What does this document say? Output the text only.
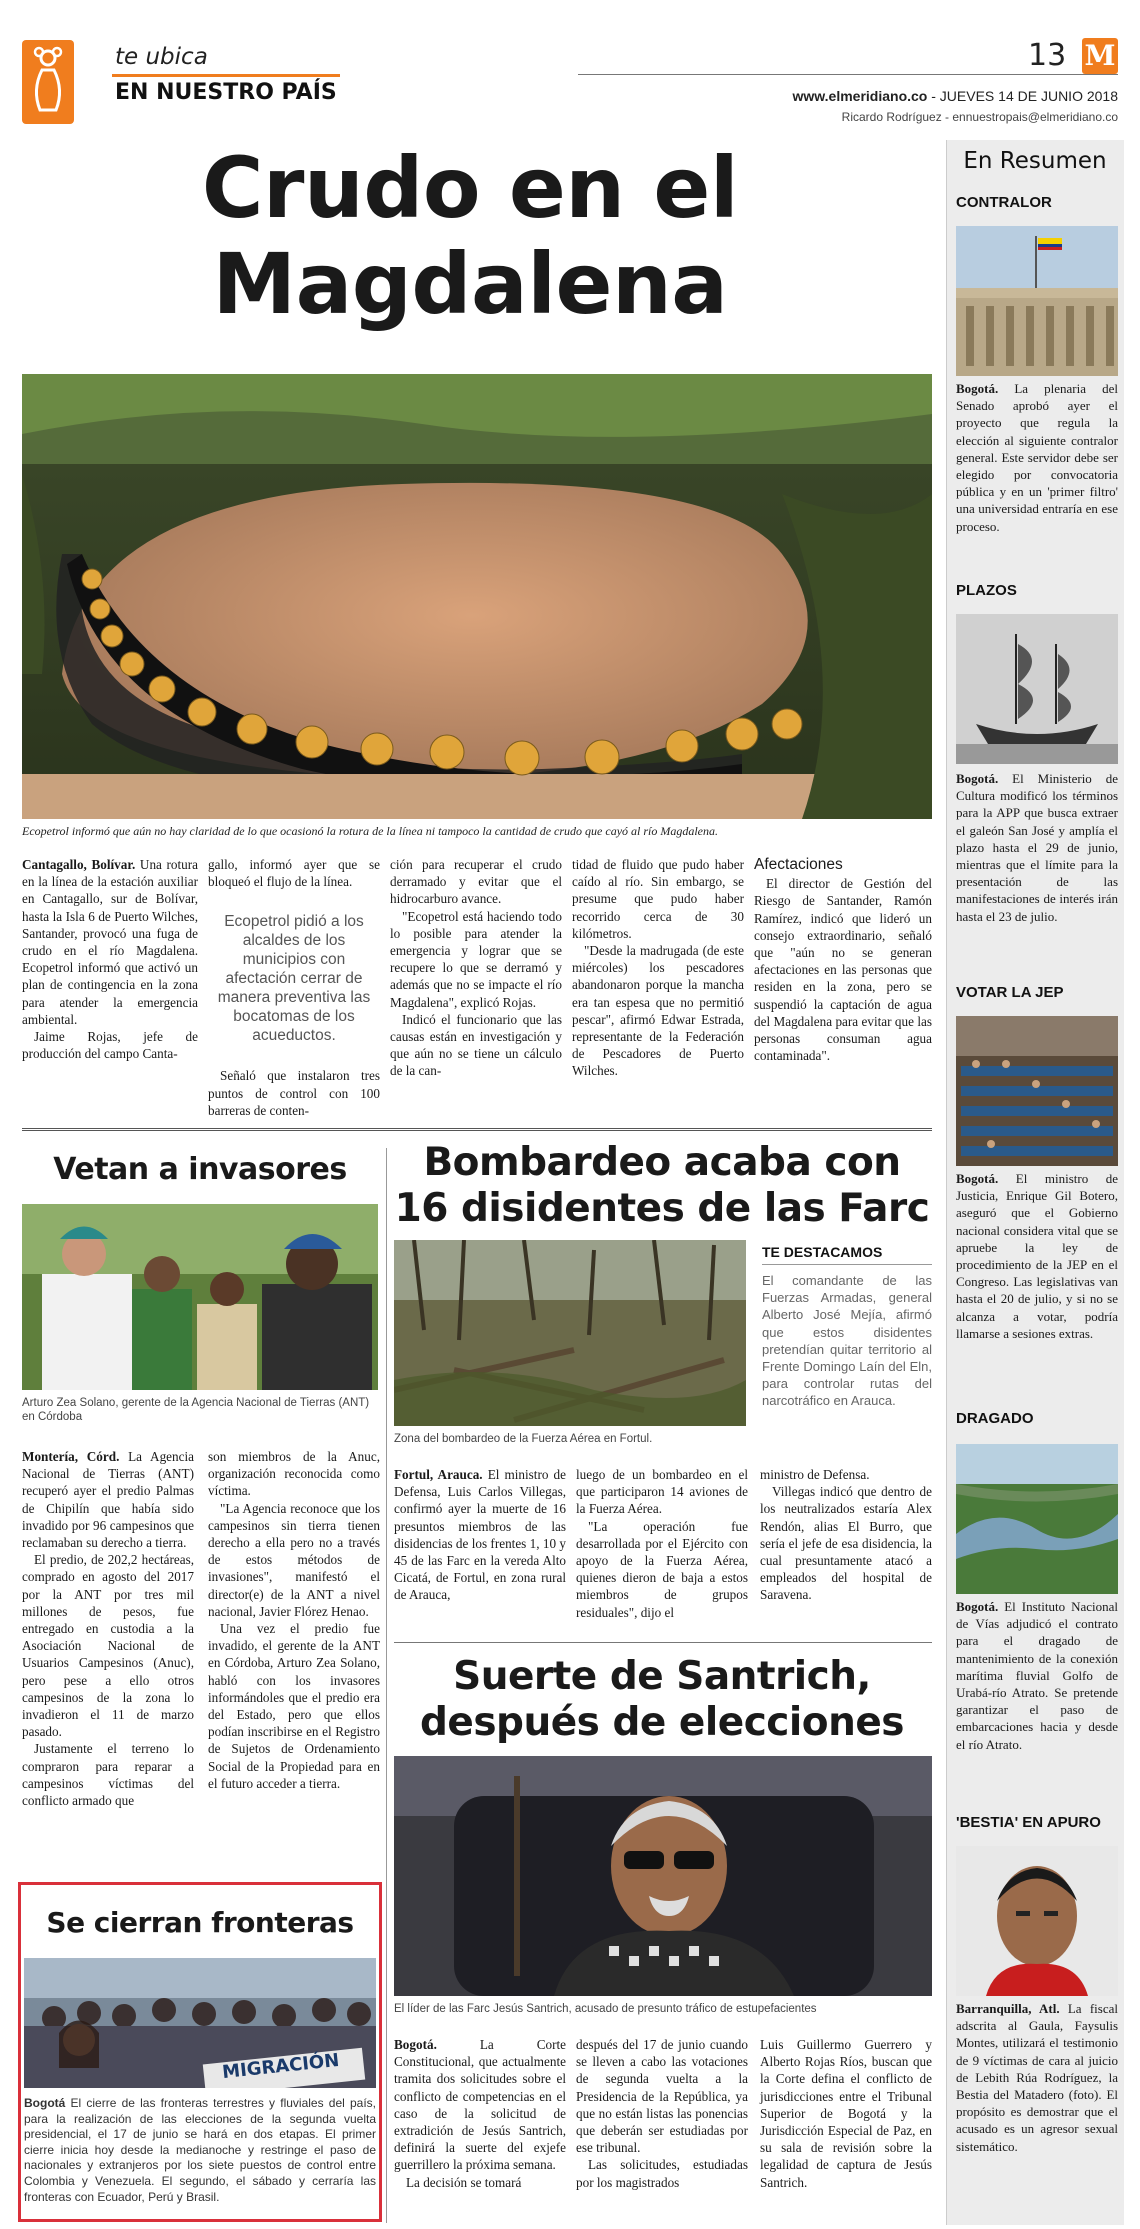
te ubica
EN NUESTRO PAÍS
13 M
www.elmeridiano.co - JUEVES 14 DE JUNIO 2018
Ricardo Rodríguez - ennuestropais@elmeridiano.co
Crudo en el
Magdalena
Ecopetrol informó que aún no hay claridad de lo que ocasionó la rotura de la línea ni tampoco la cantidad de crudo que cayó al río Magdalena.
Cantagallo, Bolívar. Una rotura en la línea de la estación auxiliar en Cantagallo, sur de Bolívar, hasta la Isla 6 de Puerto Wilches, Santander, provocó una fuga de crudo en el río Magdalena. Ecopetrol informó que activó un plan de contingencia en la zona para atender la emergencia ambiental.
Jaime Rojas, jefe de producción del campo Canta-
gallo, informó ayer que se bloqueó el flujo de la línea.
Ecopetrol pidió a los alcaldes de los municipios con afectación cerrar de manera preventiva las bocatomas de los acueductos.
Señaló que instalaron tres puntos de control con 100 barreras de conten-
ción para recuperar el crudo derramado y evitar que el hidrocarburo avance.
"Ecopetrol está haciendo todo lo posible para atender la emergencia y lograr que se recupere lo que se derramó y además que no se impacte el río Magdalena", explicó Rojas.
Indicó el funcionario que las causas están en investigación y que aún no se tiene un cálculo de la can-
tidad de fluido que pudo haber caído al río. Sin embargo, se presume que pudo haber recorrido cerca de 30 kilómetros.
"Desde la madrugada (de este miércoles) los pescadores abandonaron porque la mancha era tan espesa que no permitió pescar", afirmó Edwar Estrada, representante de la Federación de Pescadores de Puerto Wilches.
Afectaciones
El director de Gestión del Riesgo de Santander, Ramón Ramírez, indicó que lideró un consejo extraordinario, señaló que "aún no se generan afectaciones en las personas que residen en la zona, pero se suspendió la captación de agua del Magdalena para evitar que las personas consuman agua contaminada".
Vetan a invasores
Arturo Zea Solano, gerente de la Agencia Nacional de Tierras (ANT) en Córdoba
Montería, Córd. La Agencia Nacional de Tierras (ANT) recuperó ayer el predio Palmas de Chipilín que había sido invadido por 96 campesinos que reclamaban su derecho a tierra.
El predio, de 202,2 hectáreas, comprado en agosto del 2017 por la ANT por tres mil millones de pesos, fue entregado en custodia a la Asociación Nacional de Usuarios Campesinos (Anuc), pero pese a ello otros campesinos de la zona lo invadieron el 11 de marzo pasado.
Justamente el terreno lo compraron para reparar a campesinos víctimas del conflicto armado que
son miembros de la Anuc, organización reconocida como víctima.
"La Agencia reconoce que los campesinos sin tierra tienen derecho a ella pero no a través de estos métodos de invasiones", manifestó el director(e) de la ANT a nivel nacional, Javier Flórez Henao.
Una vez el predio fue invadido, el gerente de la ANT en Córdoba, Arturo Zea Solano, habló con los invasores informándoles que el predio era del Estado, pero que ellos podían inscribirse en el Registro de Sujetos de Ordenamiento Social de la Propiedad para en el futuro acceder a tierra.
Se cierran fronteras
MIGRACIÓN
Bogotá El cierre de las fronteras terrestres y fluviales del país, para la realización de las elecciones de la segunda vuelta presidencial, el 17 de junio se hará en dos etapas. El primer cierre inicia hoy desde la medianoche y restringe el paso de nacionales y extranjeros por los siete puestos de control entre Colombia y Venezuela. El segundo, el sábado y cerraría las fronteras con Ecuador, Perú y Brasil.
Bombardeo acaba con
16 disidentes de las Farc
Zona del bombardeo de la Fuerza Aérea en Fortul.
TE DESTACAMOS
El comandante de las Fuerzas Armadas, general Alberto José Mejía, afirmó que estos disidentes pretendían quitar territorio al Frente Domingo Laín del Eln, para controlar rutas del narcotráfico en Arauca.
Fortul, Arauca. El ministro de Defensa, Luis Carlos Villegas, confirmó ayer la muerte de 16 presuntos miembros de las disidencias de los frentes 1, 10 y 45 de las Farc en la vereda Alto Cicatá, de Fortul, en zona rural de Arauca,
luego de un bombardeo en el que participaron 14 aviones de la Fuerza Aérea.
"La operación fue desarrollada por el Ejército con apoyo de la Fuerza Aérea, quienes dieron de baja a estos miembros de grupos residuales", dijo el
ministro de Defensa.
Villegas indicó que dentro de los neutralizados estaría Alex Rendón, alias El Burro, que sería el jefe de esa disidencia, la cual presuntamente atacó a empleados del hospital de Saravena.
Suerte de Santrich,
después de elecciones
El líder de las Farc Jesús Santrich, acusado de presunto tráfico de estupefacientes
Bogotá. La Corte Constitucional, que actualmente tramita dos solicitudes sobre el conflicto de competencias en el caso de la solicitud de extradición de Jesús Santrich, definirá la suerte del exjefe guerrillero la próxima semana.
La decisión se tomará
después del 17 de junio cuando se lleven a cabo las votaciones de segunda vuelta a la Presidencia de la República, ya que no están listas las ponencias que deberán ser estudiadas por ese tribunal.
Las solicitudes, estudiadas por los magistrados
Luis Guillermo Guerrero y Alberto Rojas Ríos, buscan que la Corte defina el conflicto de jurisdicciones entre el Tribunal Superior de Bogotá y la Jurisdicción Especial de Paz, en su sala de revisión sobre la legalidad de captura de Jesús Santrich.
En Resumen
CONTRALOR
Bogotá. La plenaria del Senado aprobó ayer el proyecto que regula la elección al siguiente contralor general. Este servidor debe ser elegido por convocatoria pública y en un 'primer filtro' una universidad entraría en ese proceso.
PLAZOS
Bogotá. El Ministerio de Cultura modificó los términos para la APP que busca extraer el galeón San José y amplía el plazo hasta el 29 de junio, mientras que el límite para la presentación de las manifestaciones de interés irán hasta el 23 de julio.
VOTAR LA JEP
Bogotá. El ministro de Justicia, Enrique Gil Botero, aseguró que el Gobierno nacional considera vital que se apruebe la ley de procedimiento de la JEP en el Congreso. Las legislativas van hasta el 20 de julio, y si no se alcanza a votar, podría llamarse a sesiones extras.
DRAGADO
Bogotá. El Instituto Nacional de Vías adjudicó el contrato para el dragado de mantenimiento de la conexión marítima fluvial Golfo de Urabá-río Atrato. Se pretende garantizar el paso de embarcaciones hacia y desde el río Atrato.
'BESTIA' EN APURO
Barranquilla, Atl. La fiscal adscrita al Gaula, Faysulis Montes, utilizará el testimonio de 9 víctimas de cara al juicio de Lebith Rúa Rodríguez, la Bestia del Matadero (foto). El propósito es demostrar que el acusado es un agresor sexual sistemático.
